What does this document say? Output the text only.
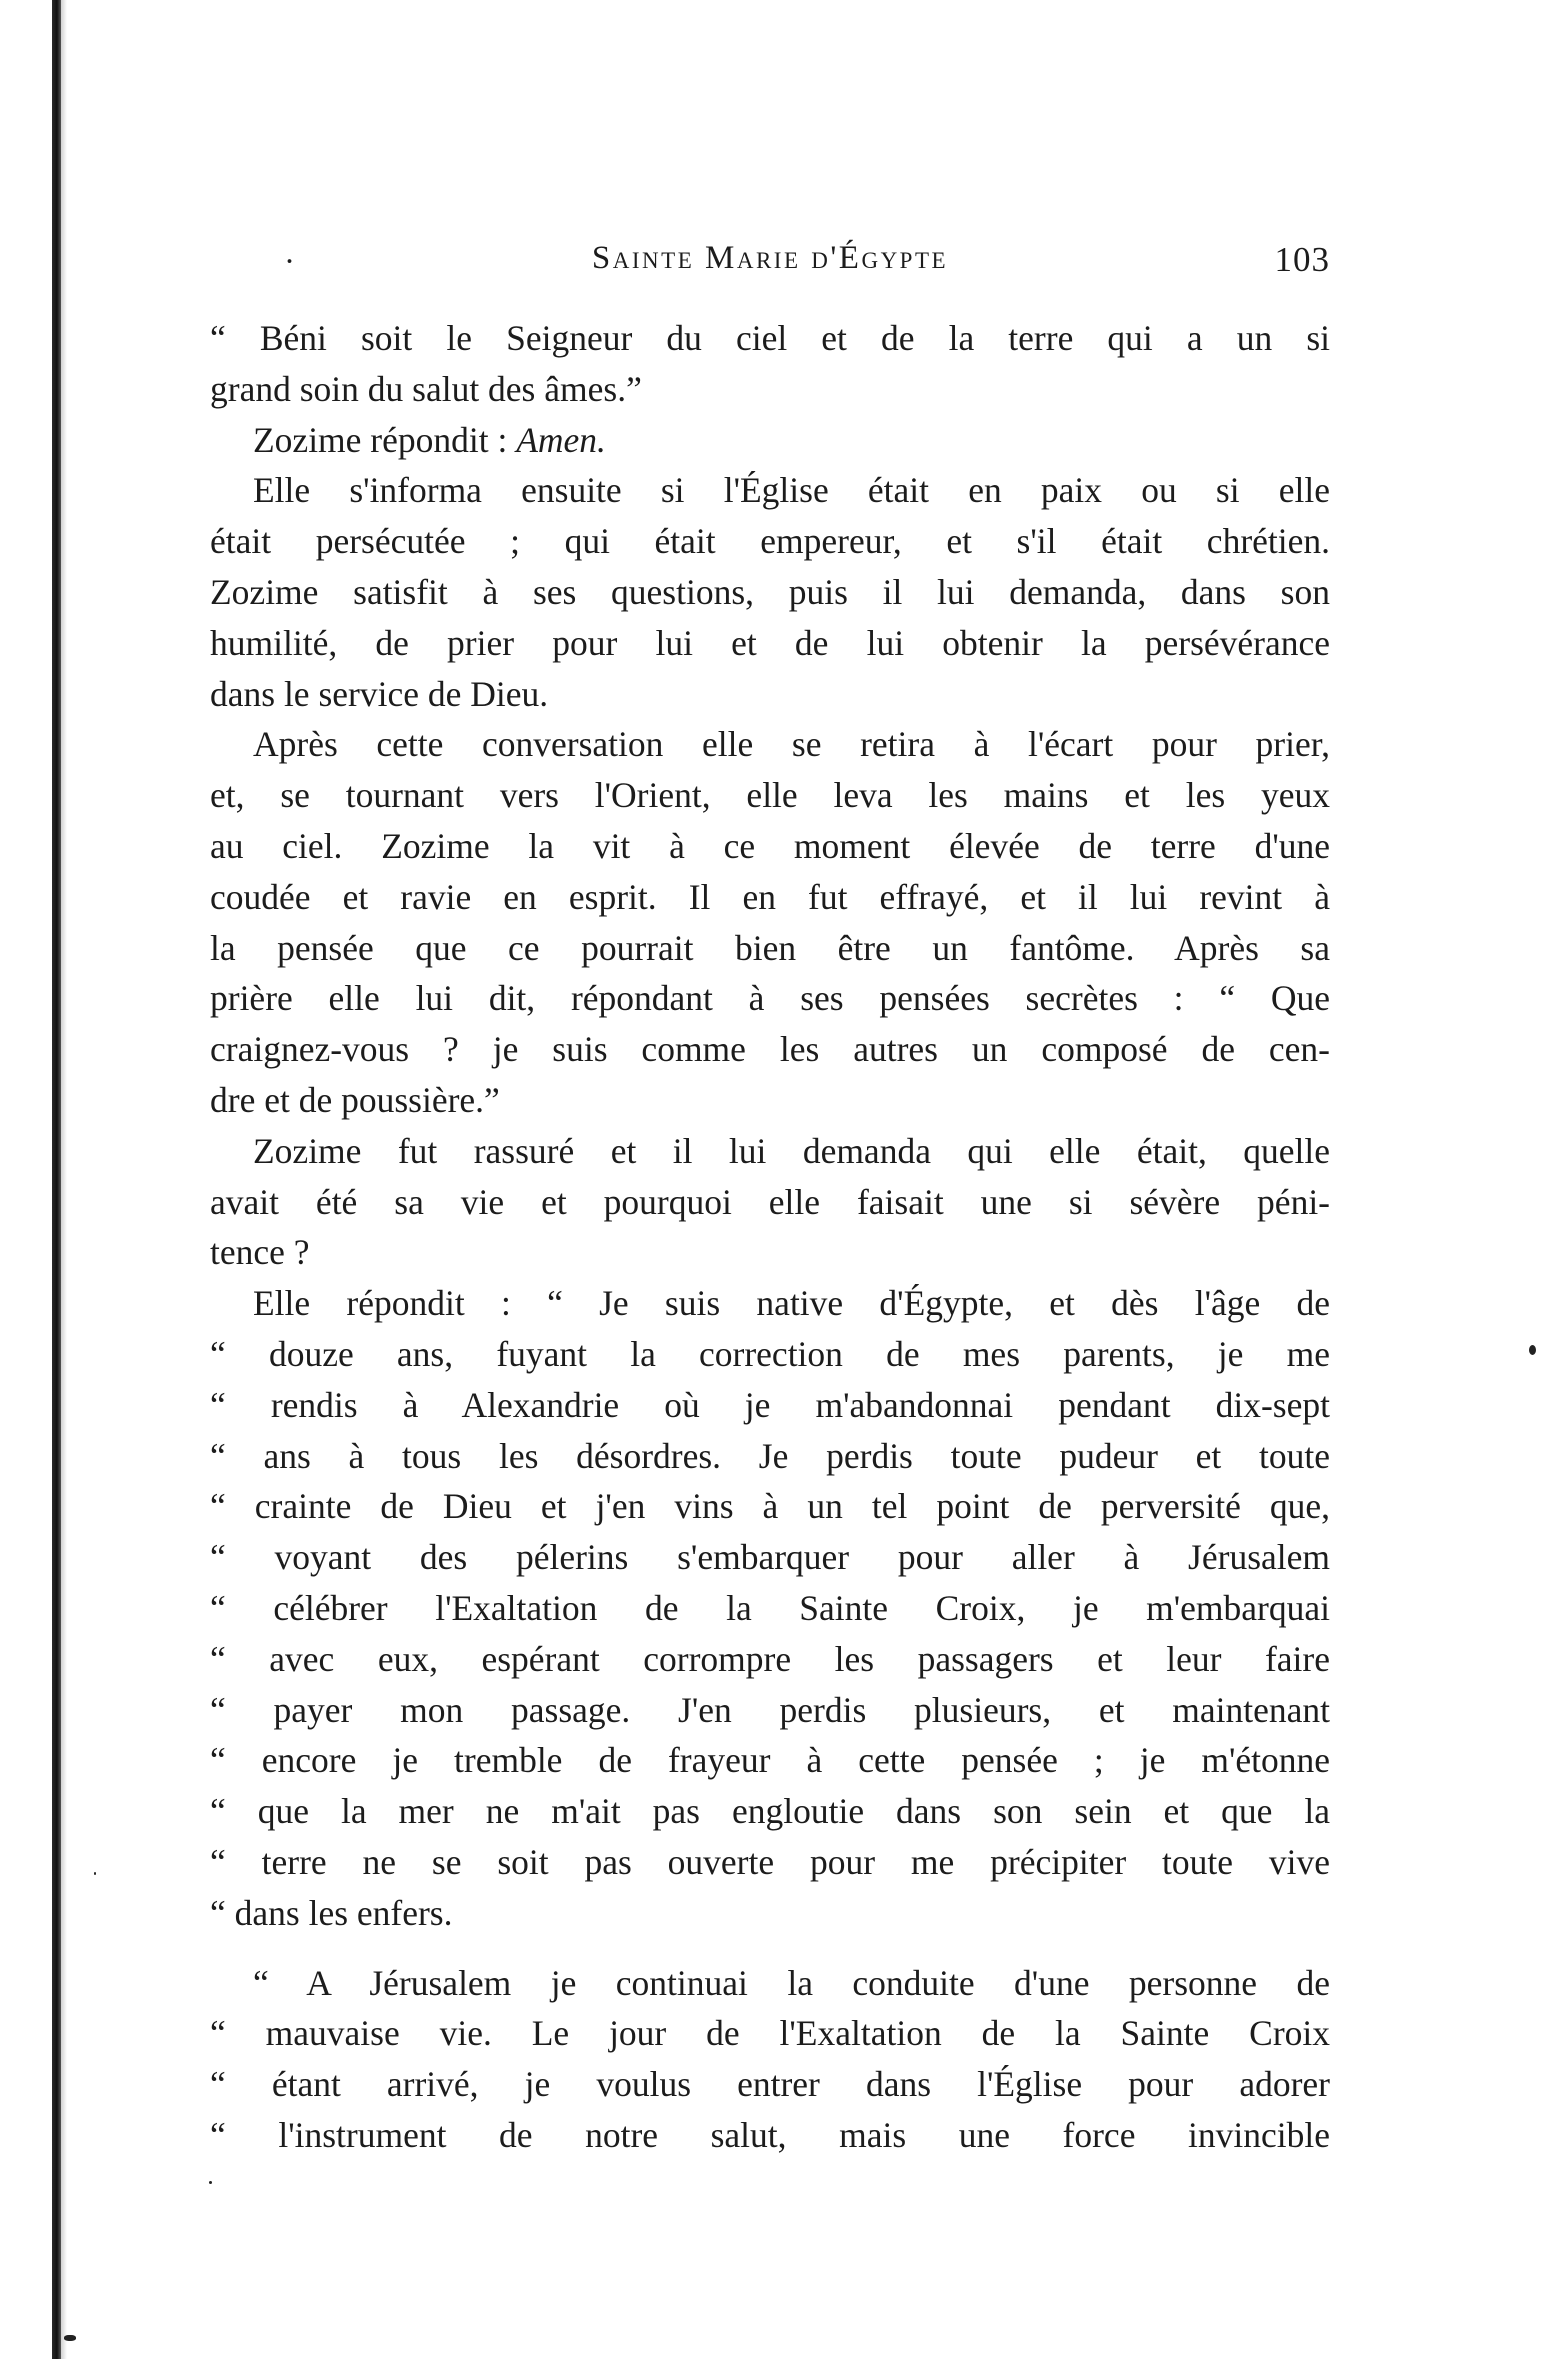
·	Sainte Marie d'Égypte	103
“ Béni soit le Seigneur du ciel et de la terre qui a un si
grand soin du salut des âmes.”
Zozime répondit : Amen.
Elle s'informa ensuite si l'Église était en paix ou si elle
était persécutée ; qui était empereur, et s'il était chrétien.
Zozime satisfit à ses questions, puis il lui demanda, dans son
humilité, de prier pour lui et de lui obtenir la persévérance
dans le service de Dieu.
Après cette conversation elle se retira à l'écart pour prier,
et, se tournant vers l'Orient, elle leva les mains et les yeux
au ciel. Zozime la vit à ce moment élevée de terre d'une
coudée et ravie en esprit. Il en fut effrayé, et il lui revint à
la pensée que ce pourrait bien être un fantôme. Après sa
prière elle lui dit, répondant à ses pensées secrètes : “ Que
craignez-vous ? je suis comme les autres un composé de cen-
dre et de poussière.”
Zozime fut rassuré et il lui demanda qui elle était, quelle
avait été sa vie et pourquoi elle faisait une si sévère péni-
tence ?
Elle répondit : “ Je suis native d'Égypte, et dès l'âge de
“ douze ans, fuyant la correction de mes parents, je me
“ rendis à Alexandrie où je m'abandonnai pendant dix-sept
“ ans à tous les désordres. Je perdis toute pudeur et toute
“ crainte de Dieu et j'en vins à un tel point de perversité que,
“ voyant des pélerins s'embarquer pour aller à Jérusalem
“ célébrer l'Exaltation de la Sainte Croix, je m'embarquai
“ avec eux, espérant corrompre les passagers et leur faire
“ payer mon passage. J'en perdis plusieurs, et maintenant
“ encore je tremble de frayeur à cette pensée ; je m'étonne
“ que la mer ne m'ait pas engloutie dans son sein et que la
“ terre ne se soit pas ouverte pour me précipiter toute vive
“ dans les enfers.
“ A Jérusalem je continuai la conduite d'une personne de
“ mauvaise vie. Le jour de l'Exaltation de la Sainte Croix
“ étant arrivé, je voulus entrer dans l'Église pour adorer
“ l'instrument de notre salut, mais une force invincible
